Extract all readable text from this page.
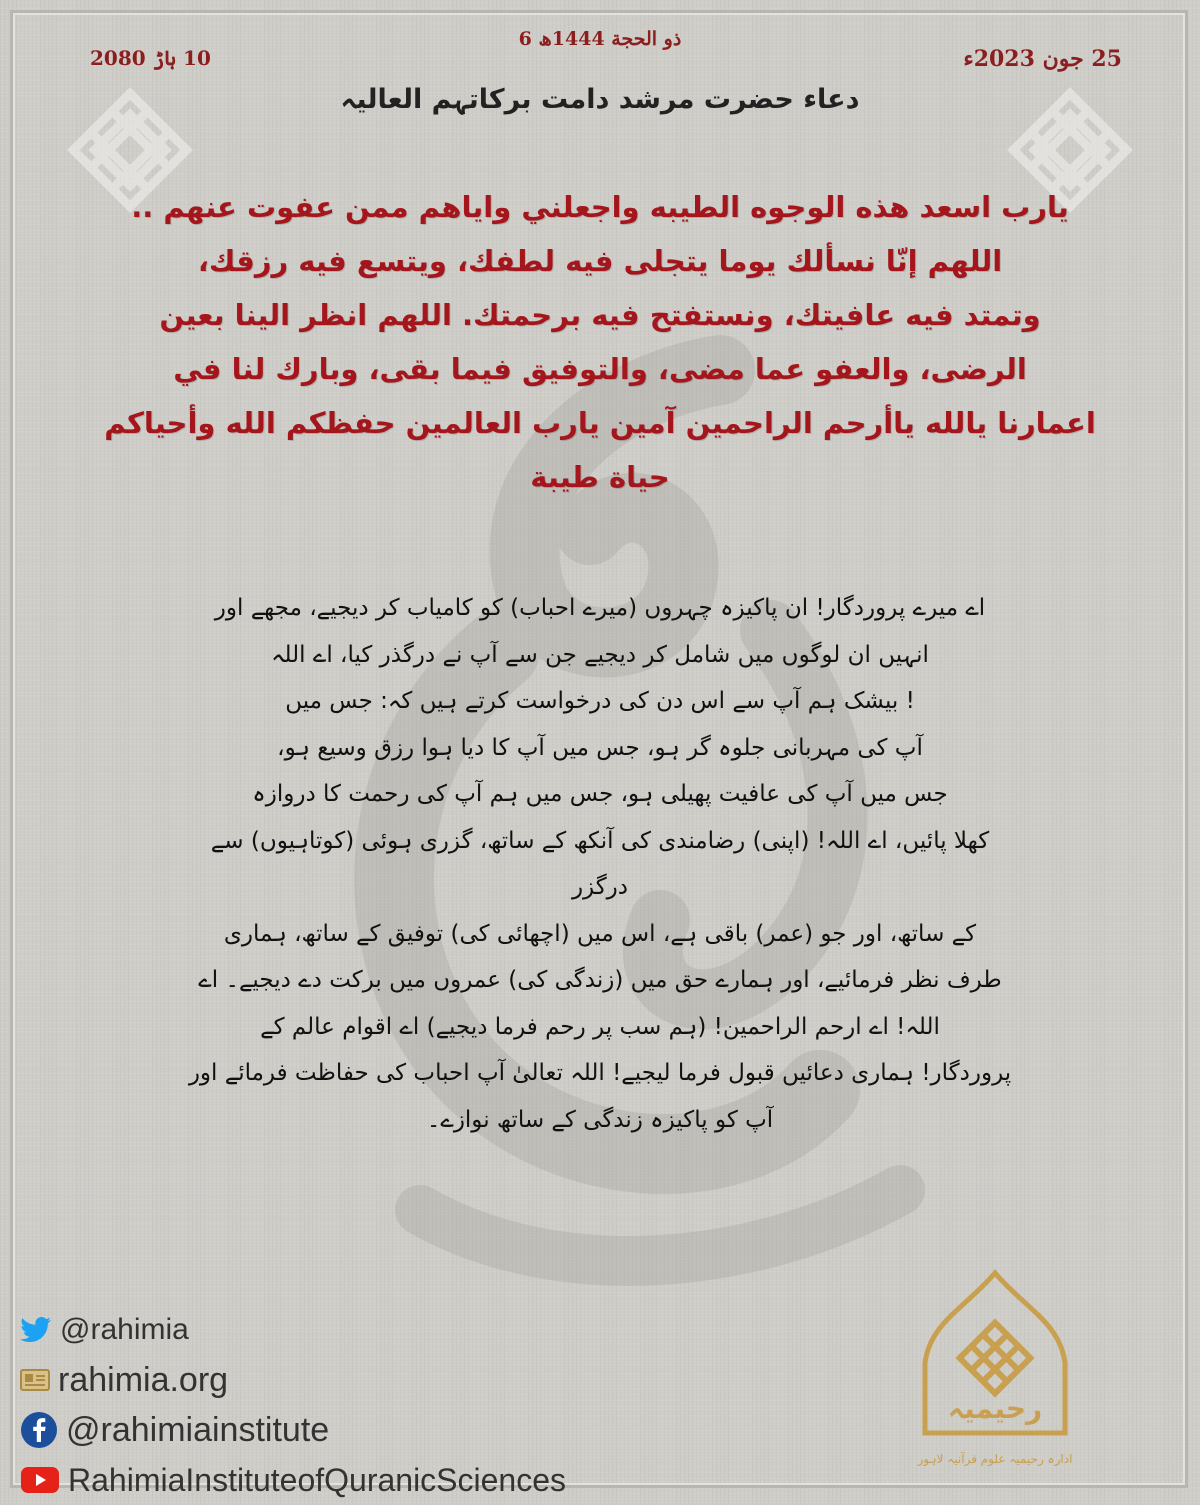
6 ذو الحجة 1444ھ
25 جون 2023ء
10 ہاڑ 2080
دعاء حضرت مرشد دامت برکاتہم العالیہ

یارب اسعد هذه الوجوه الطيبه واجعلني واياهم ممن عفوت عنهم ..
اللهم إنّا نسألك يوما يتجلى فيه لطفك، ويتسع فيه رزقك،
وتمتد فيه عافيتك، ونستفتح فيه برحمتك. اللهم انظر الينا بعين
الرضى، والعفو عما مضى، والتوفيق فيما بقى، وبارك لنا في
اعمارنا يالله ياأرحم الراحمين آمين يارب العالمين حفظكم الله وأحياكم
حياة طيبة

اے میرے پروردگار! ان پاکیزہ چہروں (میرے احباب) کو کامیاب کر دیجیے، مجھے اور
انہیں ان لوگوں میں شامل کر دیجیے جن سے آپ نے درگذر کیا، اے اللہ
! بیشک ہم آپ سے اس دن کی درخواست کرتے ہیں کہ: جس میں
آپ کی مہربانی جلوہ گر ہو، جس میں آپ کا دیا ہوا رزق وسیع ہو،
جس میں آپ کی عافیت پھیلی ہو، جس میں ہم آپ کی رحمت کا دروازہ
کھلا پائیں، اے اللہ! (اپنی) رضامندی کی آنکھ کے ساتھ، گزری ہوئی (کوتاہیوں) سے درگزر
کے ساتھ، اور جو (عمر) باقی ہے، اس میں (اچھائی کی) توفیق کے ساتھ، ہماری
طرف نظر فرمائیے، اور ہمارے حق میں (زندگی کی) عمروں میں برکت دے دیجیے۔ اے
اللہ! اے ارحم الراحمین! (ہم سب پر رحم فرما دیجیے) اے اقوام عالم کے
پروردگار! ہماری دعائیں قبول فرما لیجیے! اللہ تعالیٰ آپ احباب کی حفاظت فرمائے اور
آپ کو پاکیزہ زندگی کے ساتھ نوازے۔

@rahimia
rahimia.org
@rahimiainstitute
RahimiaInstituteofQuranicSciences
رحیمیہ
ادارہ رحیمیہ علوم قرآنیہ لاہور
